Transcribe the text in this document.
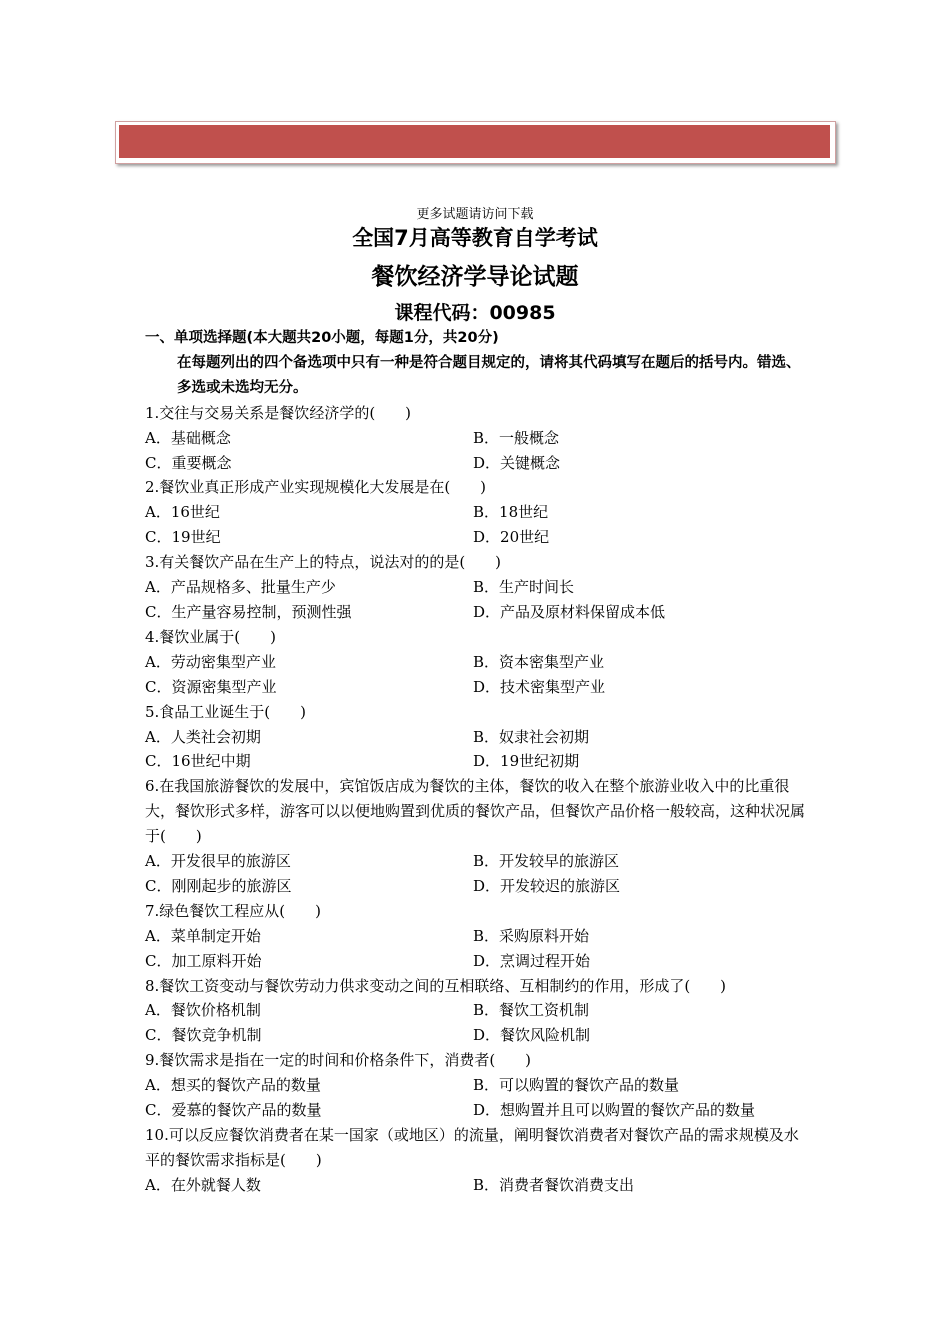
更多试题请访问下载
全国7月高等教育自学考试
餐饮经济学导论试题
课程代码：00985
一、单项选择题(本大题共20小题，每题1分，共20分)
在每题列出的四个备选项中只有一种是符合题目规定的，请将其代码填写在题后的括号内。错选、多选或未选均无分。
1.交往与交易关系是餐饮经济学的(　　)
A．基础概念	B．一般概念
C．重要概念	D．关键概念
2.餐饮业真正形成产业实现规模化大发展是在(　　)
A．16世纪	B．18世纪
C．19世纪	D．20世纪
3.有关餐饮产品在生产上的特点，说法对的的是(　　)
A．产品规格多、批量生产少	B．生产时间长
C．生产量容易控制，预测性强	D．产品及原材料保留成本低
4.餐饮业属于(　　)
A．劳动密集型产业	B．资本密集型产业
C．资源密集型产业	D．技术密集型产业
5.食品工业诞生于(　　)
A．人类社会初期	B．奴隶社会初期
C．16世纪中期	D．19世纪初期
6.在我国旅游餐饮的发展中，宾馆饭店成为餐饮的主体，餐饮的收入在整个旅游业收入中的比重很大，餐饮形式多样，游客可以以便地购置到优质的餐饮产品，但餐饮产品价格一般较高，这种状况属于(　　)
A．开发很早的旅游区	B．开发较早的旅游区
C．刚刚起步的旅游区	D．开发较迟的旅游区
7.绿色餐饮工程应从(　　)
A．菜单制定开始	B．采购原料开始
C．加工原料开始	D．烹调过程开始
8.餐饮工资变动与餐饮劳动力供求变动之间的互相联络、互相制约的作用，形成了(　　)
A．餐饮价格机制	B．餐饮工资机制
C．餐饮竞争机制	D．餐饮风险机制
9.餐饮需求是指在一定的时间和价格条件下，消费者(　　)
A．想买的餐饮产品的数量	B．可以购置的餐饮产品的数量
C．爱慕的餐饮产品的数量	D．想购置并且可以购置的餐饮产品的数量
10.可以反应餐饮消费者在某一国家（或地区）的流量，阐明餐饮消费者对餐饮产品的需求规模及水平的餐饮需求指标是(　　)
A．在外就餐人数	B．消费者餐饮消费支出
